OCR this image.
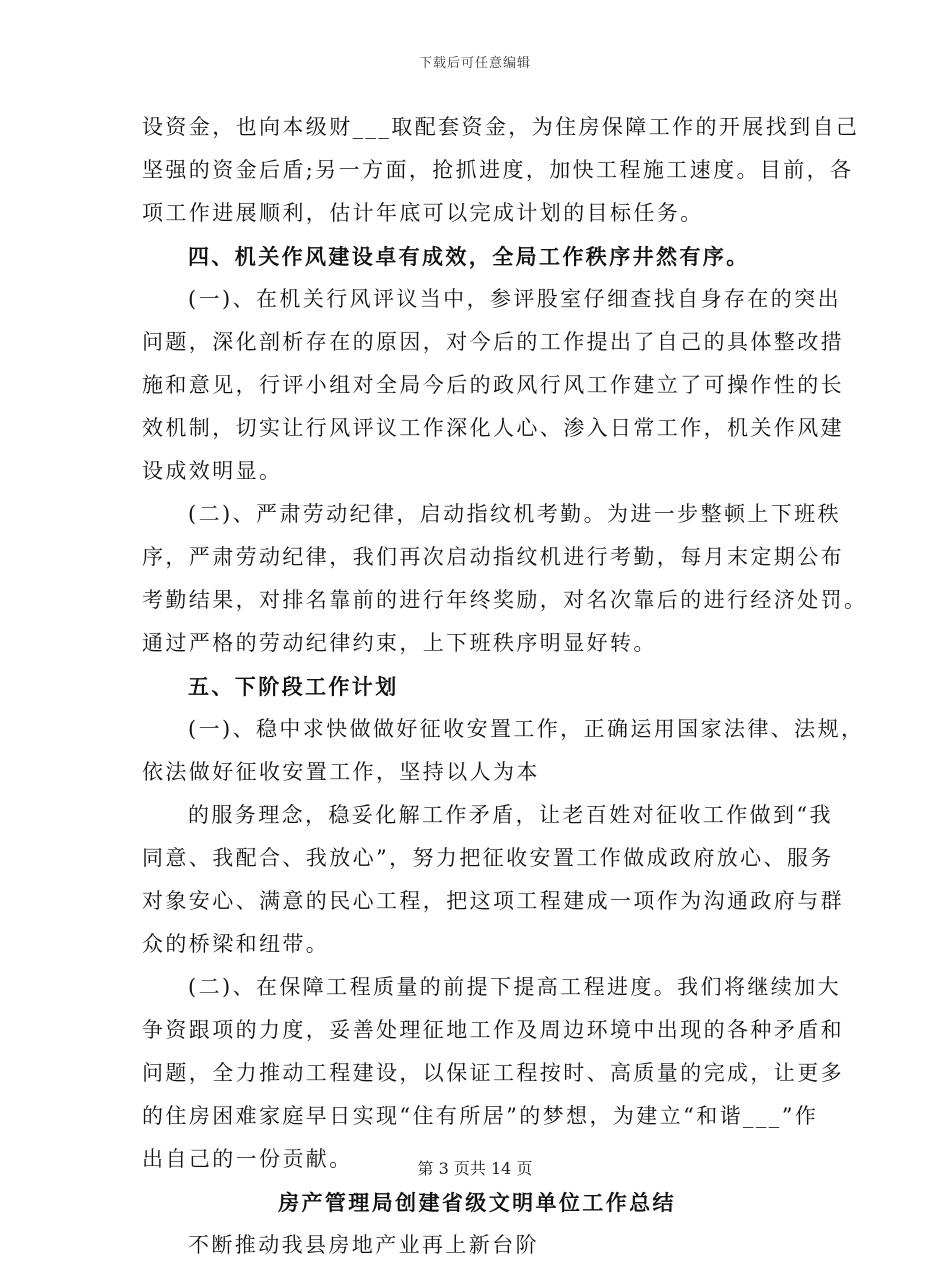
下载后可任意编辑
设资金，也向本级财___取配套资金，为住房保障工作的开展找到自己
坚强的资金后盾;另一方面，抢抓进度，加快工程施工速度。目前，各
项工作进展顺利，估计年底可以完成计划的目标任务。
四、机关作风建设卓有成效，全局工作秩序井然有序。
(一)、在机关行风评议当中，参评股室仔细查找自身存在的突出
问题，深化剖析存在的原因，对今后的工作提出了自己的具体整改措
施和意见，行评小组对全局今后的政风行风工作建立了可操作性的长
效机制，切实让行风评议工作深化人心、渗入日常工作，机关作风建
设成效明显。
(二)、严肃劳动纪律，启动指纹机考勤。为进一步整顿上下班秩
序，严肃劳动纪律，我们再次启动指纹机进行考勤，每月末定期公布
考勤结果，对排名靠前的进行年终奖励，对名次靠后的进行经济处罚。
通过严格的劳动纪律约束，上下班秩序明显好转。
五、下阶段工作计划
(一)、稳中求快做做好征收安置工作，正确运用国家法律、法规，
依法做好征收安置工作，坚持以人为本
的服务理念，稳妥化解工作矛盾，让老百姓对征收工作做到“我
同意、我配合、我放心”，努力把征收安置工作做成政府放心、服务
对象安心、满意的民心工程，把这项工程建成一项作为沟通政府与群
众的桥梁和纽带。
(二)、在保障工程质量的前提下提高工程进度。我们将继续加大
争资跟项的力度，妥善处理征地工作及周边环境中出现的各种矛盾和
问题，全力推动工程建设，以保证工程按时、高质量的完成，让更多
的住房困难家庭早日实现“住有所居”的梦想，为建立“和谐___”作
出自己的一份贡献。
房产管理局创建省级文明单位工作总结
不断推动我县房地产业再上新台阶
第 3 页共 14 页
